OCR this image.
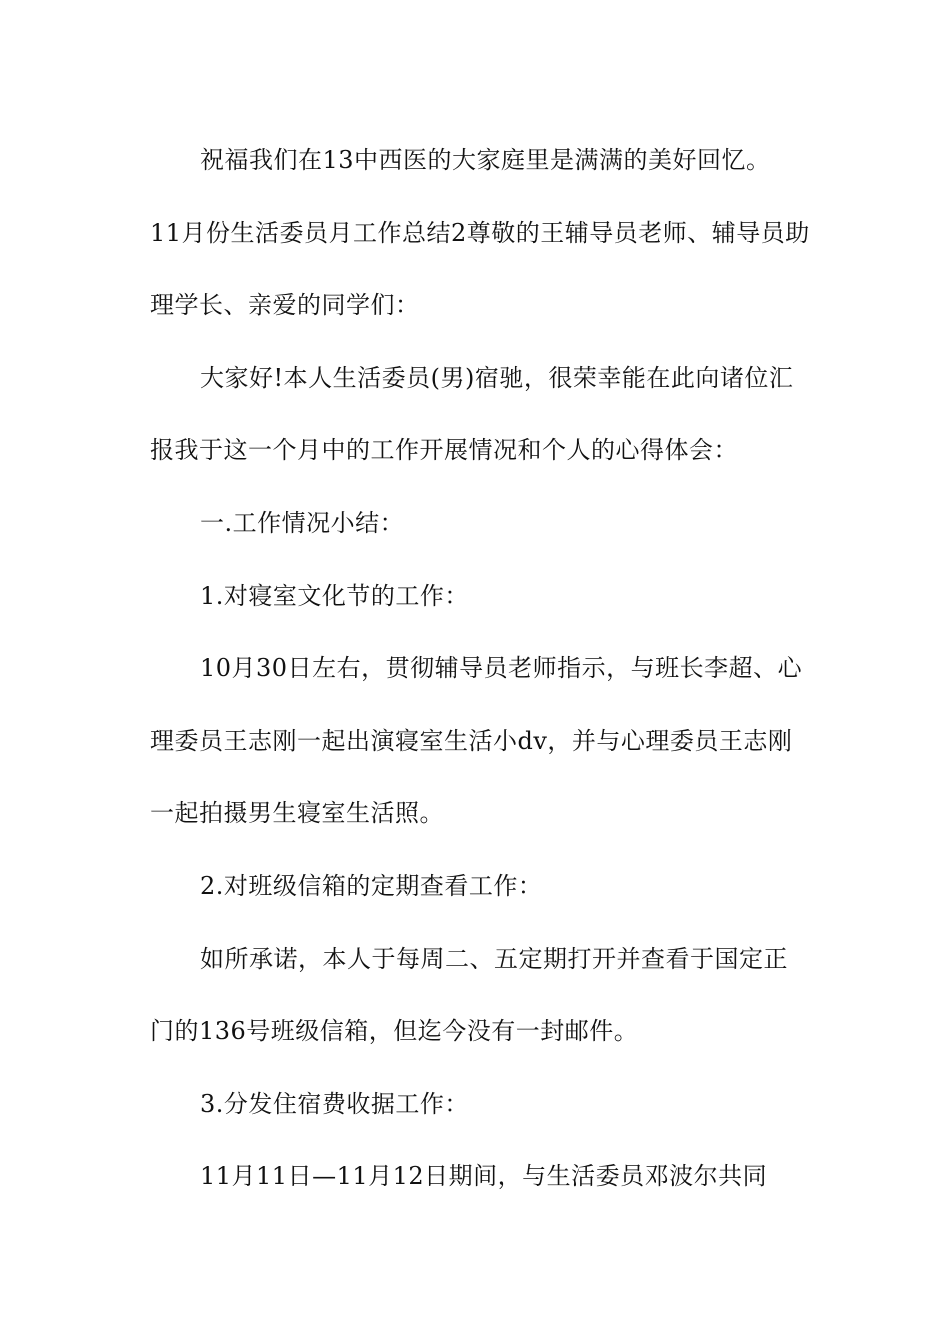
祝福我们在13中西医的大家庭里是满满的美好回忆。

11月份生活委员月工作总结2尊敬的王辅导员老师、辅导员助理学长、亲爱的同学们：

大家好!本人生活委员(男)宿驰，很荣幸能在此向诸位汇报我于这一个月中的工作开展情况和个人的心得体会：

一.工作情况小结：

1.对寝室文化节的工作：

10月30日左右，贯彻辅导员老师指示，与班长李超、心理委员王志刚一起出演寝室生活小dv，并与心理委员王志刚一起拍摄男生寝室生活照。

2.对班级信箱的定期查看工作：

如所承诺，本人于每周二、五定期打开并查看于国定正门的136号班级信箱，但迄今没有一封邮件。

3.分发住宿费收据工作：

11月11日—11月12日期间，与生活委员邓波尔共同
